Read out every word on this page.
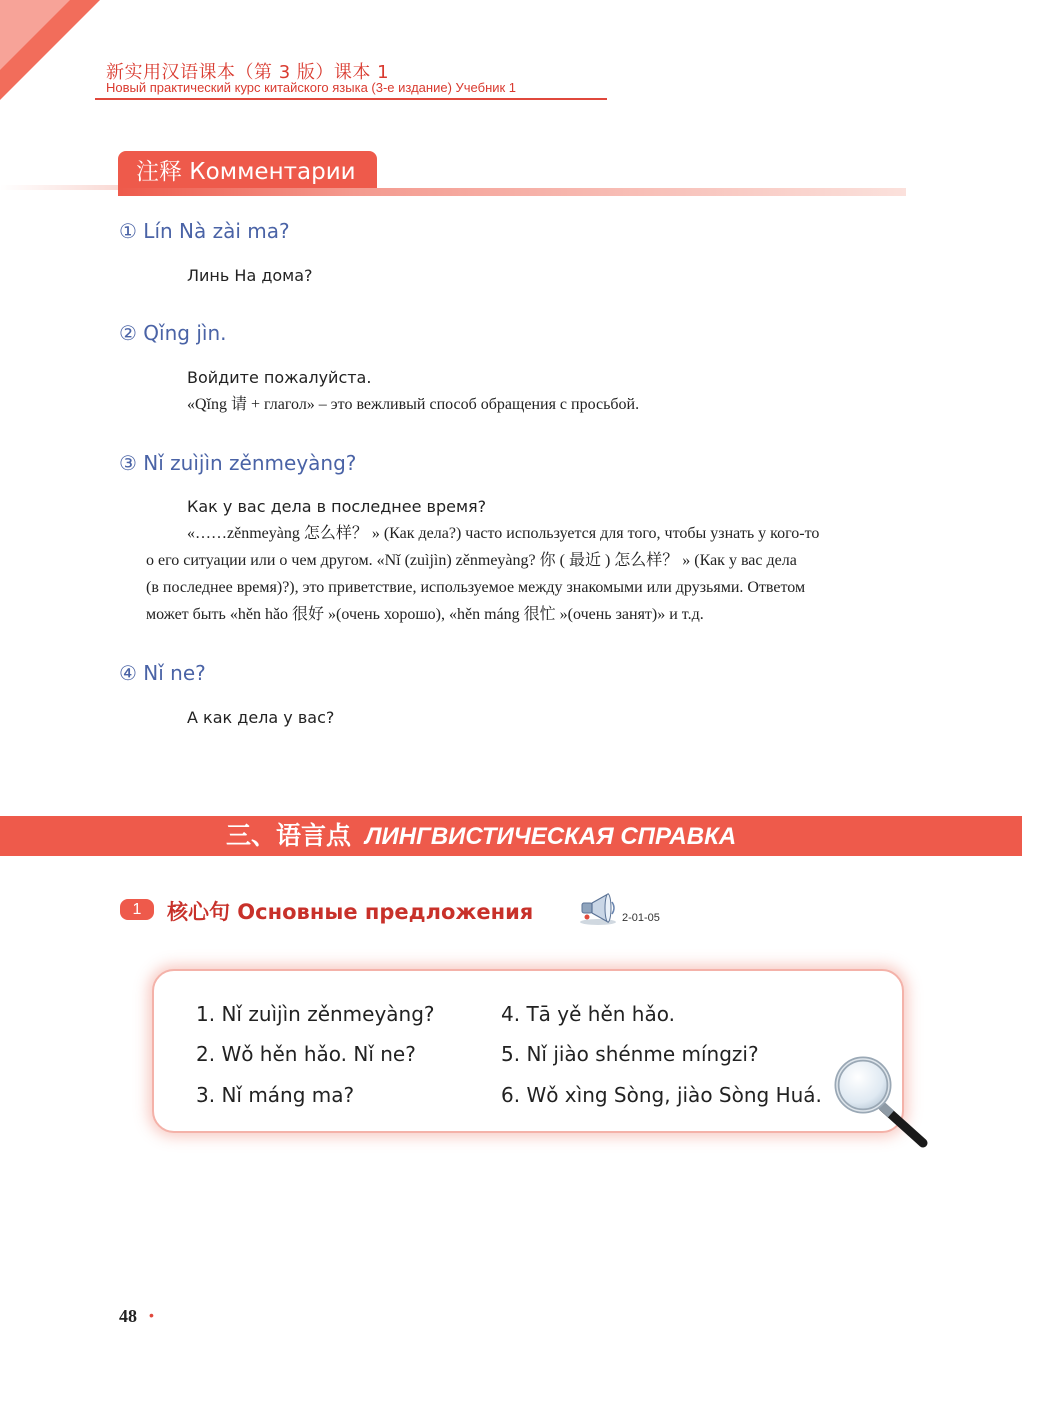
新实用汉语课本（第 3 版）课本 1
Новый практический курс китайского языка (3-е издание) Учебник 1
注释 Комментарии
① Lín Nà zài ma?
Линь На дома?
② Qǐng jìn.
Войдите пожалуйста.
«Qǐng 请 + глагол» – это вежливый способ обращения с просьбой.
③ Nǐ zuìjìn zěnmeyàng?
Как у вас дела в последнее время?
«……zěnmeyàng 怎么样？ » (Как дела?) часто используется для того, чтобы узнать у кого-то
о его ситуации или о чем другом. «Nǐ (zuìjìn) zěnmeyàng? 你 ( 最近 ) 怎么样？ » (Как у вас дела
(в последнее время)?), это приветствие, используемое между знакомыми или друзьями. Ответом
может быть «hěn hǎo 很好 »(очень хорошо), «hěn máng 很忙 »(очень занят)» и т.д.
④ Nǐ ne?
А как дела у вас?
三、语言点 ЛИНГВИСТИЧЕСКАЯ СПРАВКА
1	核心句 Основные предложения	2-01-05
1. Nǐ zuìjìn zěnmeyàng?
2. Wǒ hěn hǎo. Nǐ ne?
3. Nǐ máng ma?
4. Tā yě hěn hǎo.
5. Nǐ jiào shénme míngzi?
6. Wǒ xìng Sòng, jiào Sòng Huá.
48 •
